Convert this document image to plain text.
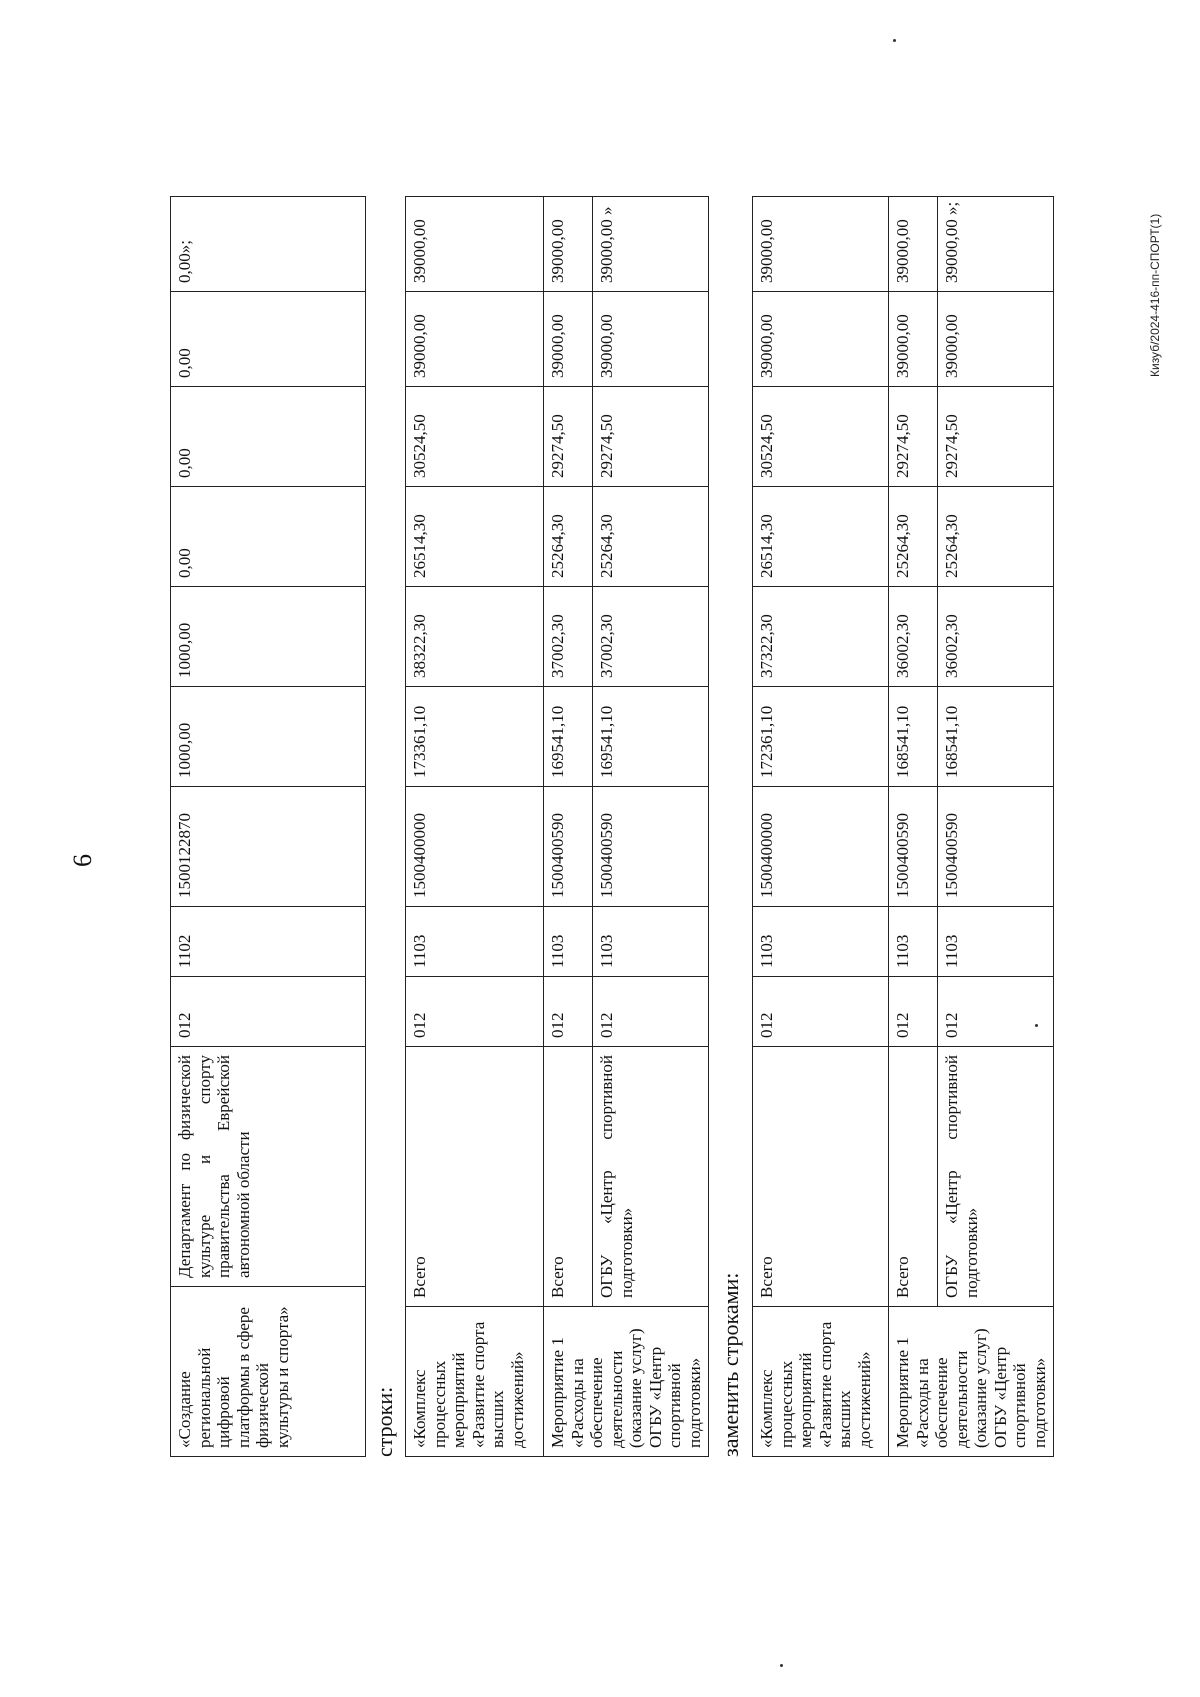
6
«Создание региональной цифровой платформы в сфере физической культуры и спорта»	Департамент по физической культуре и спорту правительства Еврейской автономной области	012	1102	1500122870	1000,00	1000,00	0,00	0,00	0,00	0,00»;
строки: «Комплекс процессных мероприятий «Развитие спорта высших достижений»	Всего	012	1103	1500400000	173361,10	38322,30	26514,30	30524,50	39000,00	39000,00
Мероприятие 1 «Расходы на обеспечение деятельности (оказание услуг) ОГБУ «Центр спортивной подготовки»	Всего	012	1103	1500400590	169541,10	37002,30	25264,30	29274,50	39000,00	39000,00
	ОГБУ «Центр спортивной подготовки»	012	1103	1500400590	169541,10	37002,30	25264,30	29274,50	39000,00	39000,00 »
заменить строками: «Комплекс процессных мероприятий «Развитие спорта высших достижений»	Всего	012	1103	1500400000	172361,10	37322,30	26514,30	30524,50	39000,00	39000,00
Мероприятие 1 «Расходы на обеспечение деятельности (оказание услуг) ОГБУ «Центр спортивной подготовки»	Всего	012	1103	1500400590	168541,10	36002,30	25264,30	29274,50	39000,00	39000,00
	ОГБУ «Центр спортивной подготовки»	012	1103	1500400590	168541,10	36002,30	25264,30	29274,50	39000,00	39000,00 »;	Кизуб/2024-416-пп-СПОРТ(1)
